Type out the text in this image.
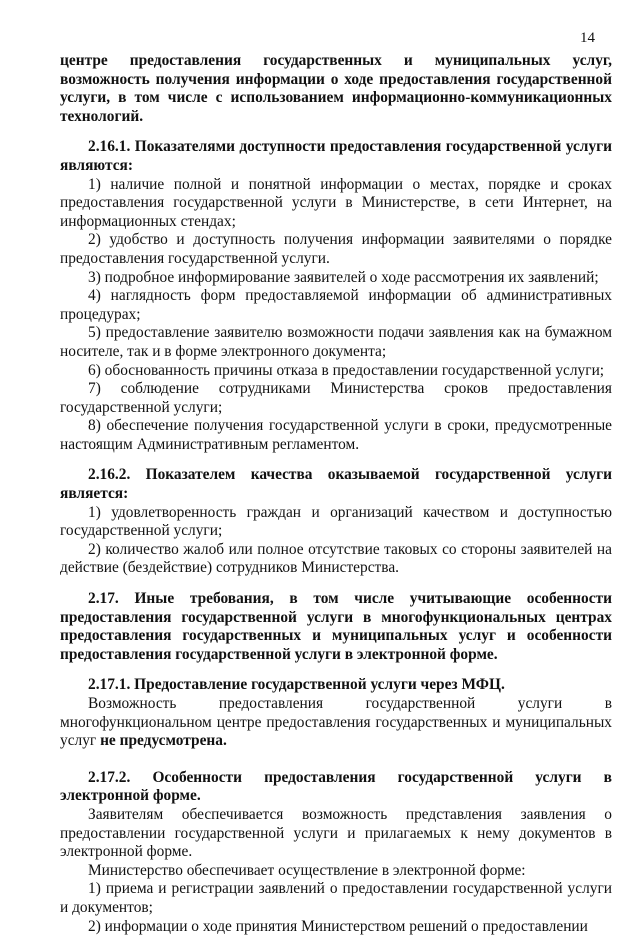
14

центре предоставления государственных и муниципальных услуг, возможность получения информации о ходе предоставления государственной услуги, в том числе с использованием информационно-коммуникационных технологий.

2.16.1. Показателями доступности предоставления государственной услуги являются:

1) наличие полной и понятной информации о местах, порядке и сроках предоставления государственной услуги в Министерстве, в сети Интернет, на информационных стендах;

2) удобство и доступность получения информации заявителями о порядке предоставления государственной услуги.

3) подробное информирование заявителей о ходе рассмотрения их заявлений;

4) наглядность форм предоставляемой информации об административных процедурах;

5) предоставление заявителю возможности подачи заявления как на бумажном носителе, так и в форме электронного документа;

6) обоснованность причины отказа в предоставлении государственной услуги;

7) соблюдение сотрудниками Министерства сроков предоставления государственной услуги;

8) обеспечение получения государственной услуги в сроки, предусмотренные настоящим Административным регламентом.

2.16.2. Показателем качества оказываемой государственной услуги является:

1) удовлетворенность граждан и организаций качеством и доступностью государственной услуги;

2) количество жалоб или полное отсутствие таковых со стороны заявителей на действие (бездействие) сотрудников Министерства.

2.17. Иные требования, в том числе учитывающие особенности предоставления государственной услуги в многофункциональных центрах предоставления государственных и муниципальных услуг и особенности предоставления государственной услуги в электронной форме.

2.17.1. Предоставление государственной услуги через МФЦ.

Возможность предоставления государственной услуги в многофункциональном центре предоставления государственных и муниципальных услуг не предусмотрена.

2.17.2. Особенности предоставления государственной услуги в электронной форме.

Заявителям обеспечивается возможность представления заявления о предоставлении государственной услуги и прилагаемых к нему документов в электронной форме.

Министерство обеспечивает осуществление в электронной форме:

1) приема и регистрации заявлений о предоставлении государственной услуги и документов;

2) информации о ходе принятия Министерством решений о предоставлении
